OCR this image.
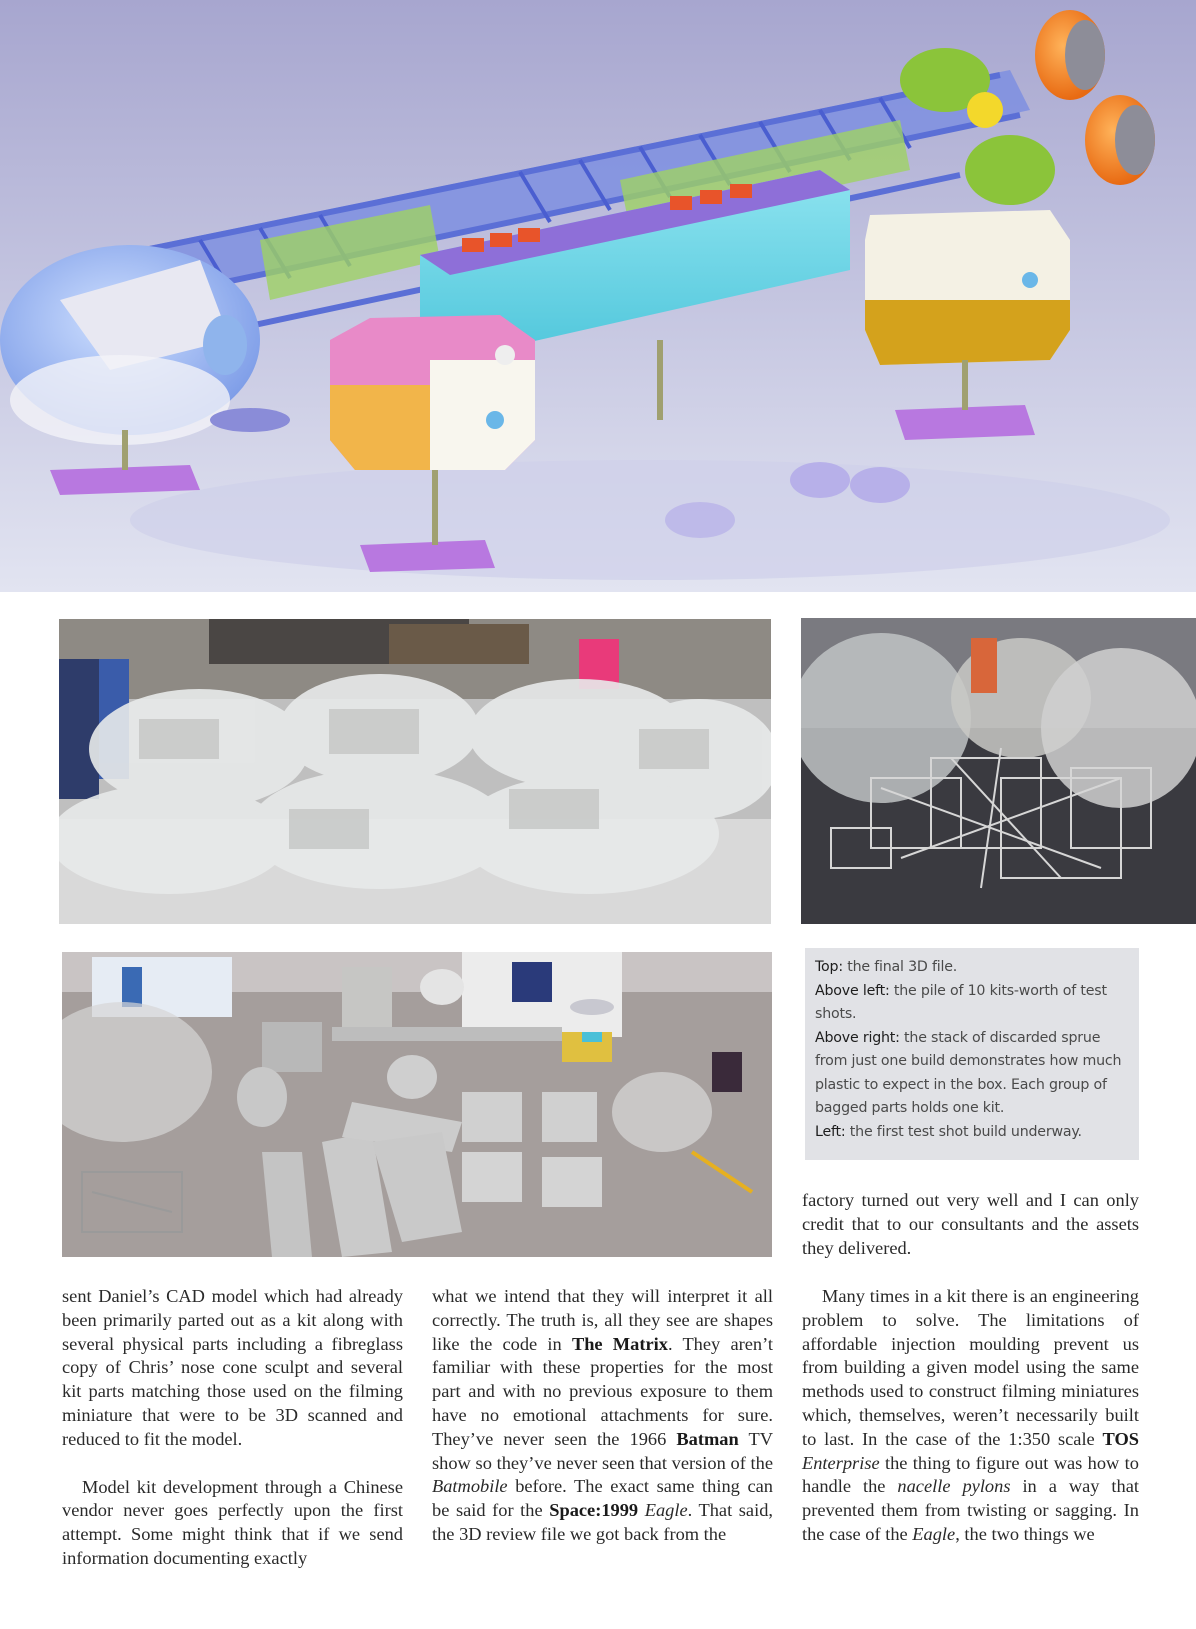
Top: the final 3D file.
Above left: the pile of 10 kits-worth of test shots.
Above right: the stack of discarded sprue from just one build demonstrates how much plastic to expect in the box. Each group of bagged parts holds one kit.
Left: the first test shot build underway.

factory turned out very well and I can only credit that to our consultants and the assets they delivered.

sent Daniel’s CAD model which had already been primarily parted out as a kit along with several physical parts including a fibreglass copy of Chris’ nose cone sculpt and several kit parts matching those used on the filming miniature that were to be 3D scanned and reduced to fit the model.

Model kit development through a Chinese vendor never goes perfectly upon the first attempt. Some might think that if we send information documenting exactly

what we intend that they will interpret it all correctly. The truth is, all they see are shapes like the code in The Matrix. They aren’t familiar with these properties for the most part and with no previous exposure to them have no emotional attachments for sure. They’ve never seen the 1966 Batman TV show so they’ve never seen that version of the Batmobile before. The exact same thing can be said for the Space:1999 Eagle. That said, the 3D review file we got back from the

Many times in a kit there is an engineering problem to solve. The limitations of affordable injection moulding prevent us from building a given model using the same methods used to construct filming miniatures which, themselves, weren’t necessarily built to last. In the case of the 1:350 scale TOS Enterprise the thing to figure out was how to handle the nacelle pylons in a way that prevented them from twisting or sagging. In the case of the Eagle, the two things we
